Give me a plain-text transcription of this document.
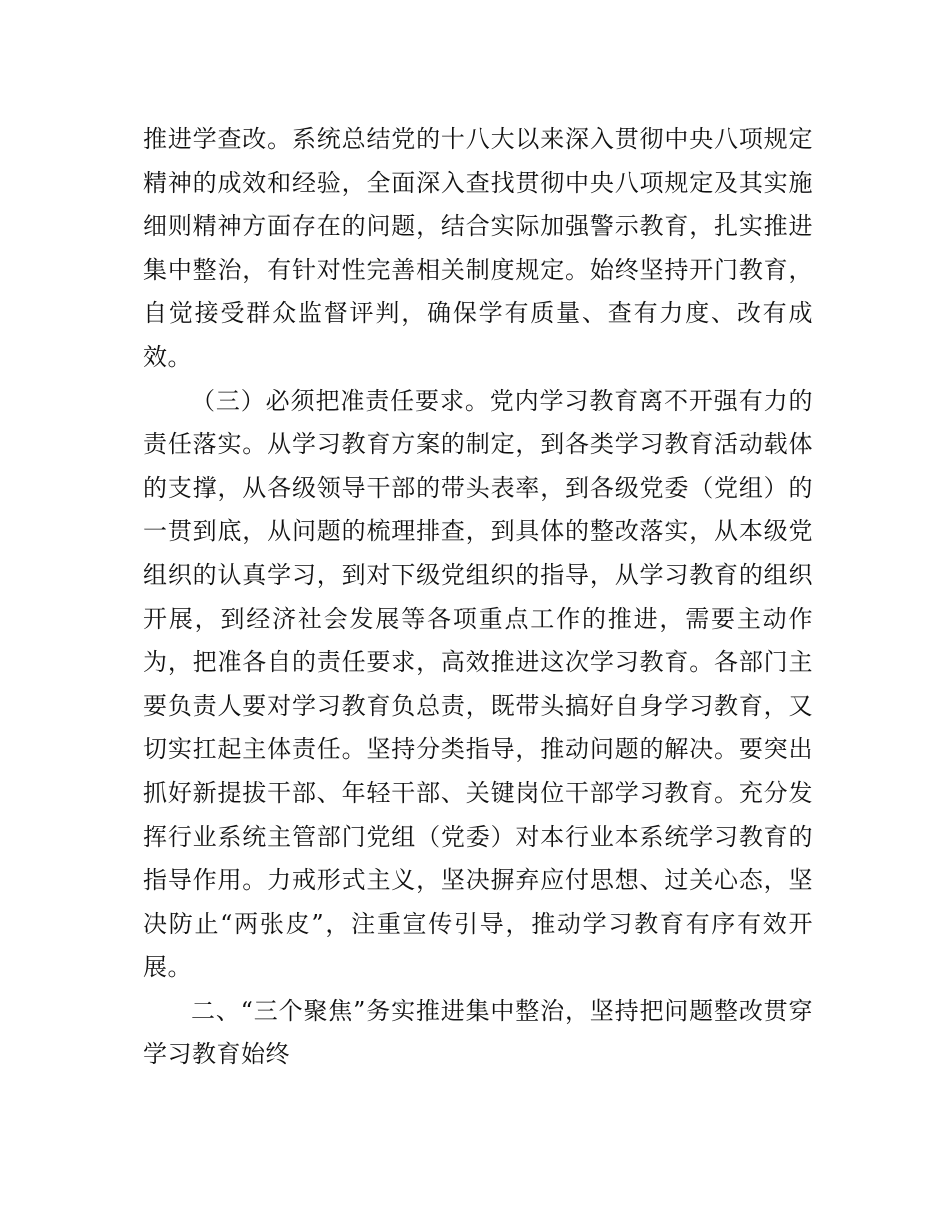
推进学查改。系统总结党的十八大以来深入贯彻中央八项规定精神的成效和经验，全面深入查找贯彻中央八项规定及其实施细则精神方面存在的问题，结合实际加强警示教育，扎实推进集中整治，有针对性完善相关制度规定。始终坚持开门教育，自觉接受群众监督评判，确保学有质量、查有力度、改有成效。

（三）必须把准责任要求。党内学习教育离不开强有力的责任落实。从学习教育方案的制定，到各类学习教育活动载体的支撑，从各级领导干部的带头表率，到各级党委（党组）的一贯到底，从问题的梳理排查，到具体的整改落实，从本级党组织的认真学习，到对下级党组织的指导，从学习教育的组织开展，到经济社会发展等各项重点工作的推进，需要主动作为，把准各自的责任要求，高效推进这次学习教育。各部门主要负责人要对学习教育负总责，既带头搞好自身学习教育，又切实扛起主体责任。坚持分类指导，推动问题的解决。要突出抓好新提拔干部、年轻干部、关键岗位干部学习教育。充分发挥行业系统主管部门党组（党委）对本行业本系统学习教育的指导作用。力戒形式主义，坚决摒弃应付思想、过关心态，坚决防止“两张皮”，注重宣传引导，推动学习教育有序有效开展。

二、“三个聚焦”务实推进集中整治，坚持把问题整改贯穿学习教育始终
